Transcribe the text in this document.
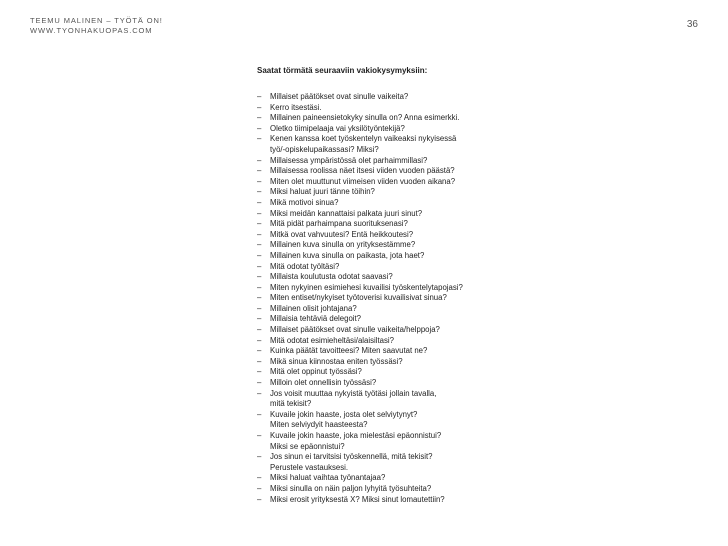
TEEMU MALINEN – TYÖTÄ ON!
WWW.TYONHAKUOPAS.COM
36
Saatat törmätä seuraaviin vakiokysymyksiin:
– Millaiset päätökset ovat sinulle vaikeita?
– Kerro itsestäsi.
– Millainen paineensietokyky sinulla on? Anna esimerkki.
– Oletko tiimipelaaja vai yksilötyöntekijä?
– Kenen kanssa koet työskentelyn vaikeaksi nykyisessä
työ/-opiskelupaikassasi? Miksi?
– Millaisessa ympäristössä olet parhaimmillasi?
– Millaisessa roolissa näet itsesi viiden vuoden päästä?
– Miten olet muuttunut viimeisen viiden vuoden aikana?
– Miksi haluat juuri tänne töihin?
– Mikä motivoi sinua?
– Miksi meidän kannattaisi palkata juuri sinut?
– Mitä pidät parhaimpana suorituksenasi?
– Mitkä ovat vahvuutesi? Entä heikkoutesi?
– Millainen kuva sinulla on yrityksestämme?
– Millainen kuva sinulla on paikasta, jota haet?
– Mitä odotat työltäsi?
– Millaista koulutusta odotat saavasi?
– Miten nykyinen esimiehesi kuvailisi työskentelytapojasi?
– Miten entiset/nykyiset työtoverisi kuvailisivat sinua?
– Millainen olisit johtajana?
– Millaisia tehtäviä delegoit?
– Millaiset päätökset ovat sinulle vaikeita/helppoja?
– Mitä odotat esimieheltäsi/alaisiltasi?
– Kuinka päätät tavoitteesi? Miten saavutat ne?
– Mikä sinua kiinnostaa eniten työssäsi?
– Mitä olet oppinut työssäsi?
– Milloin olet onnellisin työssäsi?
– Jos voisit muuttaa nykyistä työtäsi jollain tavalla,
mitä tekisit?
– Kuvaile jokin haaste, josta olet selviytynyt?
Miten selviydyit haasteesta?
– Kuvaile jokin haaste, joka mielestäsi epäonnistui?
Miksi se epäonnistui?
– Jos sinun ei tarvitsisi työskennellä, mitä tekisit?
Perustele vastauksesi.
– Miksi haluat vaihtaa työnantajaa?
– Miksi sinulla on näin paljon lyhyitä työsuhteita?
– Miksi erosit yrityksestä X? Miksi sinut lomautettiin?
